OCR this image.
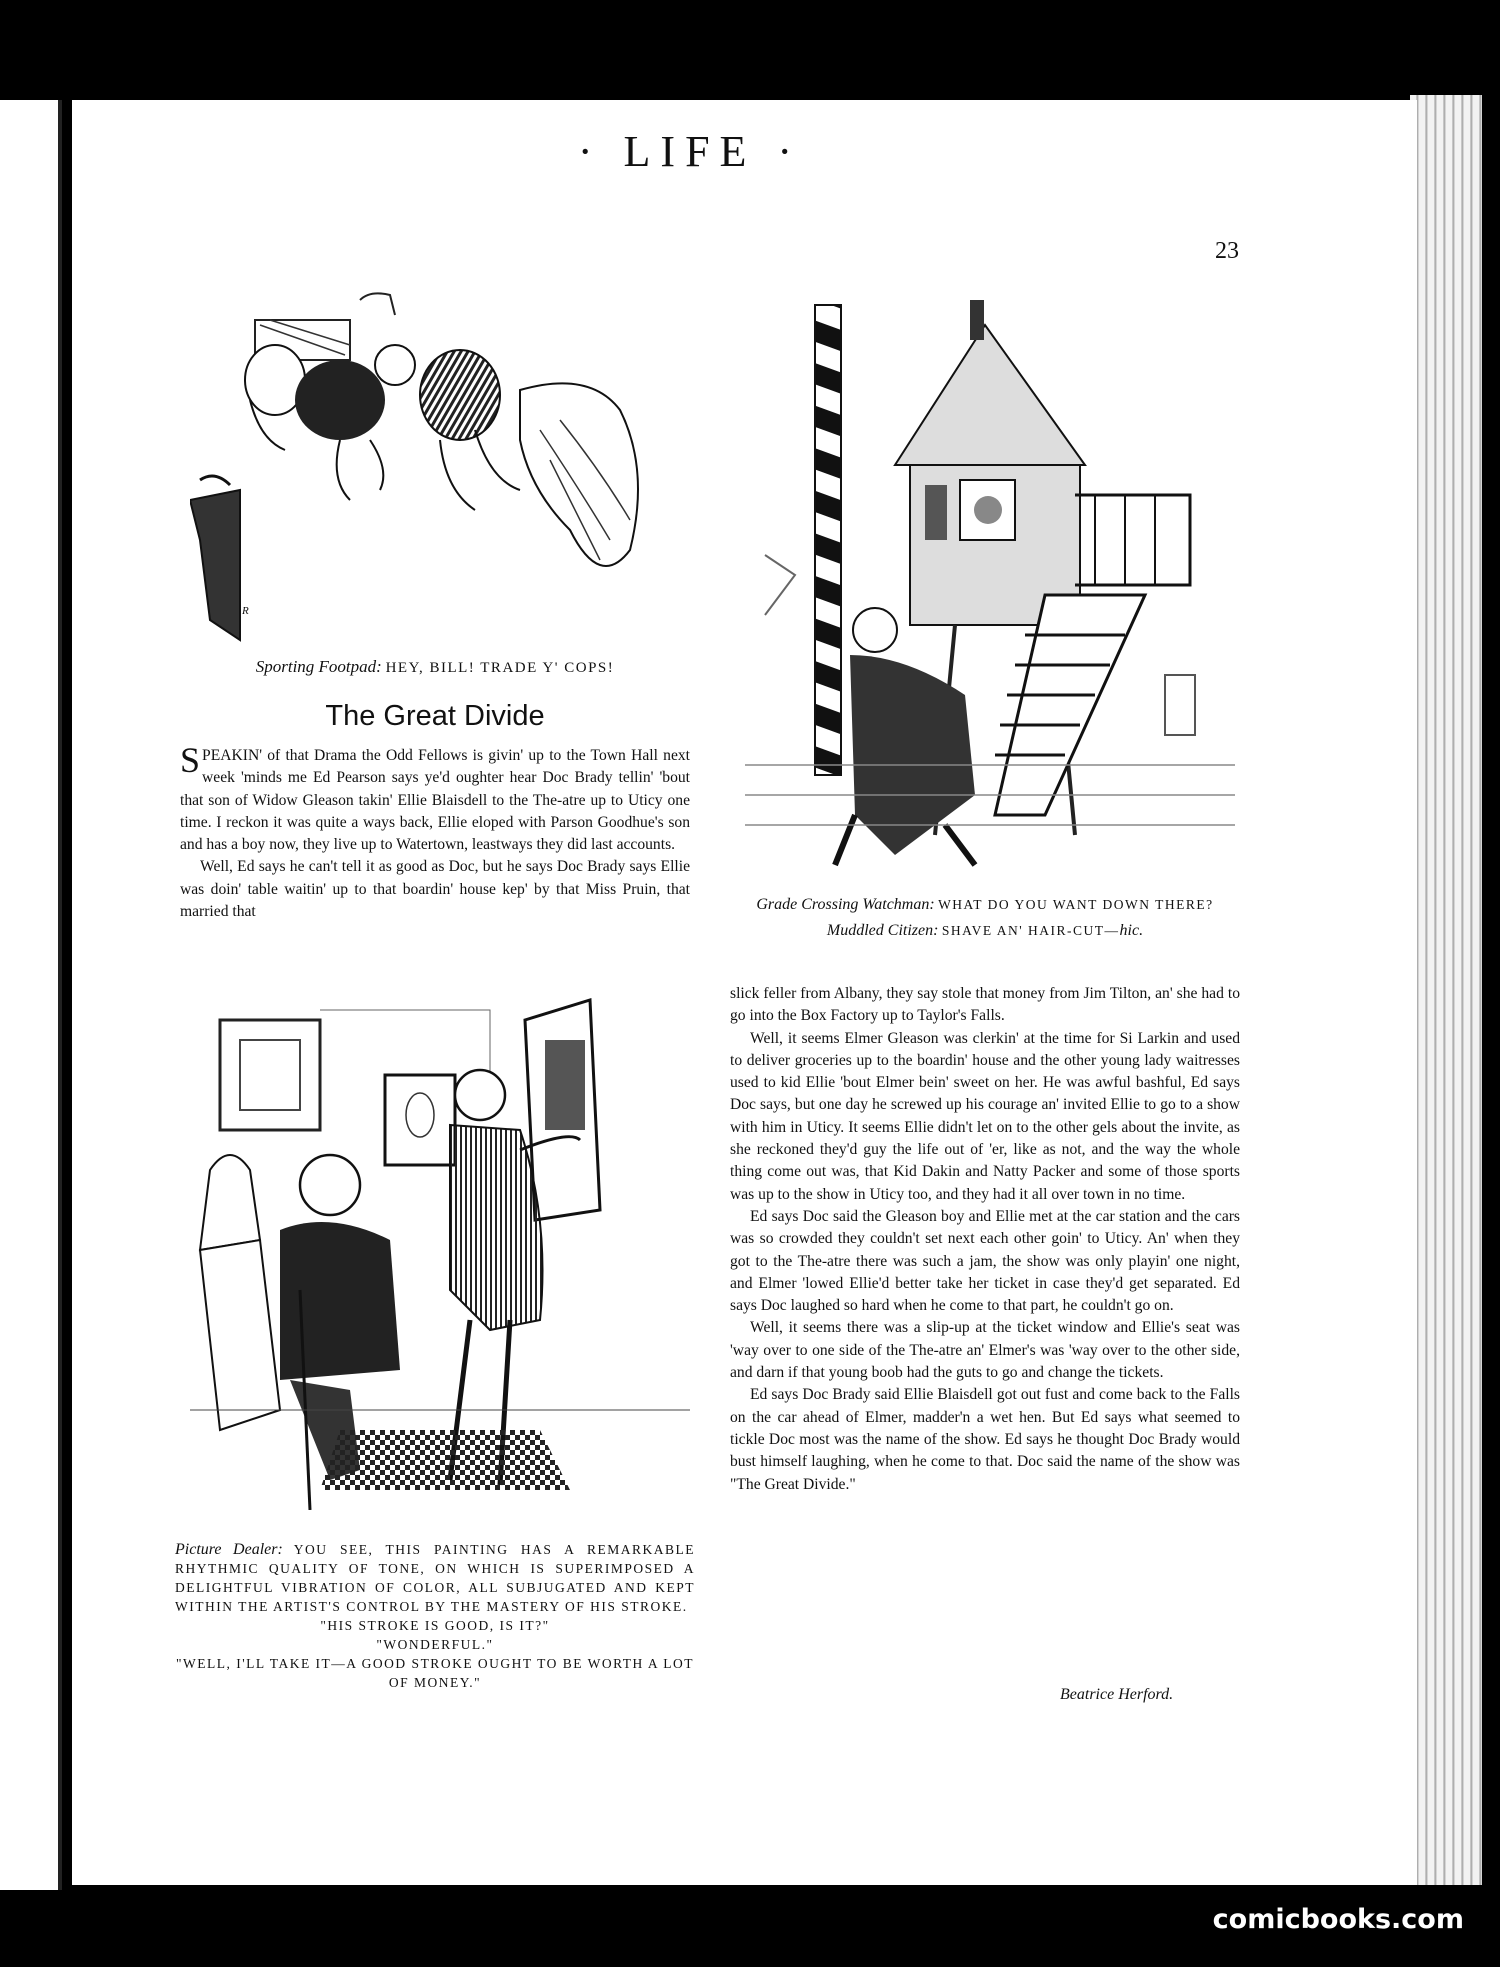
· LIFE ·
23
R
Sporting Footpad: HEY, BILL! TRADE Y' COPS!
The Great Divide

SPEAKIN' of that Drama the Odd Fellows is givin' up to the Town Hall next week 'minds me Ed Pearson says ye'd oughter hear Doc Brady tellin' 'bout that son of Widow Gleason takin' Ellie Blaisdell to the The-atre up to Uticy one time. I reckon it was quite a ways back, Ellie eloped with Parson Goodhue's son and has a boy now, they live up to Watertown, leastways they did last accounts.

Well, Ed says he can't tell it as good as Doc, but he says Doc Brady says Ellie was doin' table waitin' up to that boardin' house kep' by that Miss Pruin, that married that

Picture Dealer: YOU SEE, THIS PAINTING HAS A REMARKABLE RHYTHMIC QUALITY OF TONE, ON WHICH IS SUPERIMPOSED A DELIGHTFUL VIBRATION OF COLOR, ALL SUBJUGATED AND KEPT WITHIN THE ARTIST'S CONTROL BY THE MASTERY OF HIS STROKE.
"HIS STROKE IS GOOD, IS IT?"
"WONDERFUL."
"WELL, I'LL TAKE IT—A GOOD STROKE OUGHT TO BE WORTH A LOT OF MONEY."
Grade Crossing Watchman: WHAT DO YOU WANT DOWN THERE?
Muddled Citizen: SHAVE AN' HAIR-CUT—hic.

slick feller from Albany, they say stole that money from Jim Tilton, an' she had to go into the Box Factory up to Taylor's Falls.

Well, it seems Elmer Gleason was clerkin' at the time for Si Larkin and used to deliver groceries up to the boardin' house and the other young lady waitresses used to kid Ellie 'bout Elmer bein' sweet on her. He was awful bashful, Ed says Doc says, but one day he screwed up his courage an' invited Ellie to go to a show with him in Uticy. It seems Ellie didn't let on to the other gels about the invite, as she reckoned they'd guy the life out of 'er, like as not, and the way the whole thing come out was, that Kid Dakin and Natty Packer and some of those sports was up to the show in Uticy too, and they had it all over town in no time.

Ed says Doc said the Gleason boy and Ellie met at the car station and the cars was so crowded they couldn't set next each other goin' to Uticy. An' when they got to the The-atre there was such a jam, the show was only playin' one night, and Elmer 'lowed Ellie'd better take her ticket in case they'd get separated. Ed says Doc laughed so hard when he come to that part, he couldn't go on.

Well, it seems there was a slip-up at the ticket window and Ellie's seat was 'way over to one side of the The-atre an' Elmer's was 'way over to the other side, and darn if that young boob had the guts to go and change the tickets.

Ed says Doc Brady said Ellie Blaisdell got out fust and come back to the Falls on the car ahead of Elmer, madder'n a wet hen. But Ed says what seemed to tickle Doc most was the name of the show. Ed says he thought Doc Brady would bust himself laughing, when he come to that. Doc said the name of the show was "The Great Divide."

Beatrice Herford.
comicbooks.com
